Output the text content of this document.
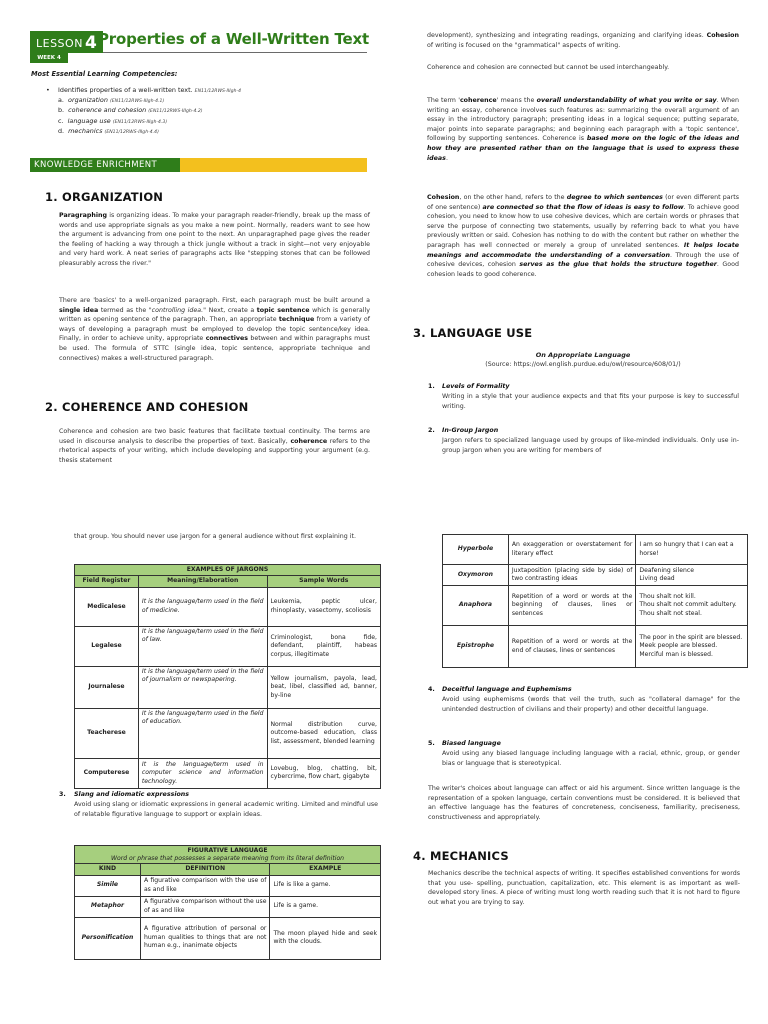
LESSON 4 Properties of a Well-Written Text
WEEK 4
Most Essential Learning Competencies:
• Identifies properties of a well-written text. EN11/12RWS-IIIgh-4
a. organization (EN11/12RWS-IIIgh-4.1)
b. coherence and cohesion (EN11/12RWS-IIIgh-4.2)
c. language use (EN11/12RWS-IIIgh-4.3)
d. mechanics (EN11/12RWS-IIIgh-4.4)
KNOWLEDGE ENRICHMENT
1. ORGANIZATION
Paragraphing is organizing ideas. To make your paragraph reader-friendly, break up the mass of words and use appropriate signals as you make a new point. Normally, readers want to see how the argument is advancing from one point to the next. An unparagraphed page gives the reader the feeling of hacking a way through a thick jungle without a track in sight—not very enjoyable and very hard work. A neat series of paragraphs acts like "stepping stones that can be followed pleasurably across the river."
There are 'basics' to a well-organized paragraph. First, each paragraph must be built around a single idea termed as the "controlling idea." Next, create a topic sentence which is generally written as opening sentence of the paragraph. Then, an appropriate technique from a variety of ways of developing a paragraph must be employed to develop the topic sentence/key idea. Finally, in order to achieve unity, appropriate connectives between and within paragraphs must be used. The formula of STTC (single idea, topic sentence, appropriate technique and connectives) makes a well-structured paragraph.
2. COHERENCE AND COHESION
Coherence and cohesion are two basic features that facilitate textual continuity. The terms are used in discourse analysis to describe the properties of text. Basically, coherence refers to the rhetorical aspects of your writing, which include developing and supporting your argument (e.g. thesis statement
development), synthesizing and integrating readings, organizing and clarifying ideas. Cohesion of writing is focused on the "grammatical" aspects of writing.
Coherence and cohesion are connected but cannot be used interchangeably.
The term 'coherence' means the overall understandability of what you write or say. When writing an essay, coherence involves such features as: summarizing the overall argument of an essay in the introductory paragraph; presenting ideas in a logical sequence; putting separate, major points into separate paragraphs; and beginning each paragraph with a 'topic sentence', following by supporting sentences. Coherence is based more on the logic of the ideas and how they are presented rather than on the language that is used to express these ideas.
Cohesion, on the other hand, refers to the degree to which sentences (or even different parts of one sentence) are connected so that the flow of ideas is easy to follow. To achieve good cohesion, you need to know how to use cohesive devices, which are certain words or phrases that serve the purpose of connecting two statements, usually by referring back to what you have previously written or said. Cohesion has nothing to do with the content but rather on whether the paragraph has well connected or merely a group of unrelated sentences. It helps locate meanings and accommodate the understanding of a conversation. Through the use of cohesive devices, cohesion serves as the glue that holds the structure together. Good cohesion leads to good coherence.
3. LANGUAGE USE
On Appropriate Language
(Source: https://owl.english.purdue.edu/owl/resource/608/01/)
1. Levels of Formality
Writing in a style that your audience expects and that fits your purpose is key to successful writing.
2. In-Group Jargon
Jargon refers to specialized language used by groups of like-minded individuals. Only use in-group jargon when you are writing for members of
that group. You should never use jargon for a general audience without first explaining it.
EXAMPLES OF JARGONS		
Field Register	Meaning/Elaboration	Sample Words
Medicalese	It is the language/term used in the field of medicine.	Leukemia, peptic ulcer, rhinoplasty, vasectomy, scoliosis
Legalese	It is the language/term used in the field of law.	Criminologist, bona fide, defendant, plaintiff, habeas corpus, illegitimate
Journalese	It is the language/term used in the field of journalism or newspapering.	Yellow journalism, payola, lead, beat, libel, classified ad, banner, by-line
Teacherese	It is the language/term used in the field of education.	Normal distribution curve, outcome-based education, class list, assessment, blended learning
Computerese	It is the language/term used in computer science and information technology.	Lovebug, blog, chatting, bit, cybercrime, flow chart, gigabyte
3. Slang and idiomatic expressions
Avoid using slang or idiomatic expressions in general academic writing. Limited and mindful use of relatable figurative language to support or explain ideas.
FIGURATIVE LANGUAGE
Word or phrase that possesses a separate meaning from its literal definition		
KIND	DEFINITION	EXAMPLE
Simile	A figurative comparison with the use of as and like	Life is like a game.
Metaphor	A figurative comparison without the use of as and like	Life is a game.
Personification	A figurative attribution of personal or human qualities to things that are not human e.g., inanimate objects	The moon played hide and seek with the clouds.
Hyperbole	An exaggeration or overstatement for literary effect	I am so hungry that I can eat a horse!
Oxymoron	Juxtaposition (placing side by side) of two contrasting ideas	Deafening silence
Living dead
Anaphora	Repetition of a word or words at the beginning of clauses, lines or sentences	Thou shalt not kill.
Thou shalt not commit adultery.
Thou shalt not steal.
Epistrophe	Repetition of a word or words at the end of clauses, lines or sentences	The poor in the spirit are blessed.
Meek people are blessed.
Merciful man is blessed.
4. Deceitful language and Euphemisms
Avoid using euphemisms (words that veil the truth, such as "collateral damage" for the unintended destruction of civilians and their property) and other deceitful language.
5. Biased language
Avoid using any biased language including language with a racial, ethnic, group, or gender bias or language that is stereotypical.
The writer's choices about language can affect or aid his argument. Since written language is the representation of a spoken language, certain conventions must be considered. It is believed that an effective language has the features of concreteness, conciseness, familiarity, preciseness, constructiveness and appropriately.
4. MECHANICS
Mechanics describe the technical aspects of writing. It specifies established conventions for words that you use- spelling, punctuation, capitalization, etc. This element is as important as well-developed story lines. A piece of writing must long worth reading such that it is not hard to figure out what you are trying to say.
